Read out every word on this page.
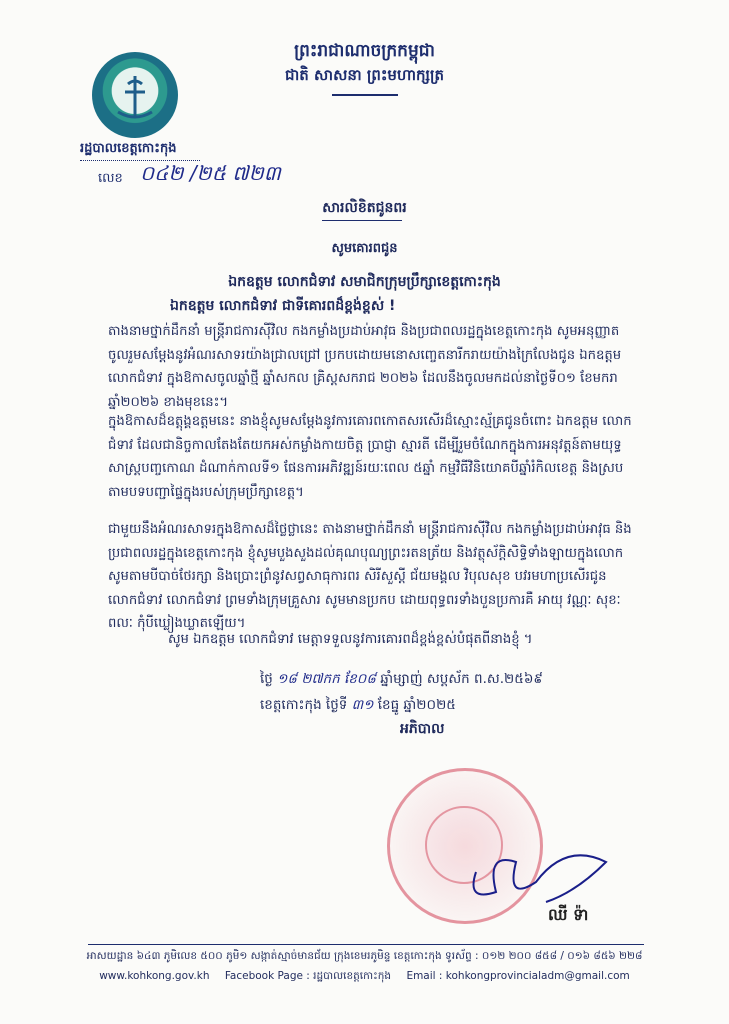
ព្រះរាជាណាចក្រកម្ពុជា
ជាតិ សាសនា ព្រះមហាក្សត្រ
រដ្ឋបាលខេត្តកោះកុង
លេខ ០៤២ /២៥ ៧២៣
សារលិខិតជូនពរ
សូមគោរពជូន
ឯកឧត្តម លោកជំទាវ សមាជិកក្រុមប្រឹក្សាខេត្តកោះកុង
ឯកឧត្តម លោកជំទាវ ជាទីគោរពដ៏ខ្ពង់ខ្ពស់ !
តាងនាមថ្នាក់ដឹកនាំ មន្ត្រីរាជការស៊ីវិល កងកម្លាំងប្រដាប់អាវុធ និងប្រជាពលរដ្ឋក្នុងខេត្តកោះកុង សូមអនុញ្ញាតចូលរួមសម្តែងនូវអំណរសាទរយ៉ាងជ្រាលជ្រៅ ប្រកបដោយមនោសញ្ចេតនារីករាយយ៉ាងក្រៃលែងជូន ឯកឧត្តម លោកជំទាវ ក្នុងឱកាសចូលឆ្នាំថ្មី ឆ្នាំសកល គ្រិស្តសករាជ ២០២៦ ដែលនឹងចូលមកដល់នាថ្ងៃទី០១ ខែមករា ឆ្នាំ២០២៦ ខាងមុខនេះ។
ក្នុងឱកាសដ៏ឧត្តុង្គឧត្តមនេះ នាងខ្ញុំសូមសម្តែងនូវការគោរពកោតសរសើរដ៏ស្មោះស្ម័គ្រជូនចំពោះ ឯកឧត្តម លោកជំទាវ ដែលជានិច្ចកាលតែងតែយកអស់កម្លាំងកាយចិត្ត ប្រាជ្ញា ស្មារតី ដើម្បីរួមចំណែកក្នុងការអនុវត្តន៍តាមយុទ្ធសាស្ត្របញ្ចកោណ ដំណាក់កាលទី១ ផែនការអភិវឌ្ឍន៍រយៈពេល ៥ឆ្នាំ កម្មវិធីវិនិយោគបីឆ្នាំរំកិលខេត្ត និងស្របតាមបទបញ្ជាផ្ទៃក្នុងរបស់ក្រុមប្រឹក្សាខេត្ត។
ជាមួយនឹងអំណរសាទរក្នុងឱកាសដ៏ថ្លៃថ្លានេះ តាងនាមថ្នាក់ដឹកនាំ មន្ត្រីរាជការស៊ីវិល កងកម្លាំងប្រដាប់អាវុធ និងប្រជាពលរដ្ឋក្នុងខេត្តកោះកុង ខ្ញុំសូមបួងសួងដល់គុណបុណ្យព្រះរតនត្រ័យ និងវត្ថុស័ក្តិសិទ្ធិទាំងឡាយក្នុងលោក សូមតាមបីបាច់ថែរក្សា និងប្រោះព្រំនូវសព្វសាធុការពរ សិរីសួស្តី ជ័យមង្គល វិបុលសុខ បវរមហាប្រសើរជូន លោកជំទាវ លោកជំទាវ ព្រមទាំងក្រុមគ្រួសារ សូមមានប្រកប ដោយពុទ្ធពរទាំងបួនប្រការគឺ អាយុ វណ្ណៈ សុខៈ ពលៈ កុំបីឃ្លៀងឃ្លាតឡើយ។
សូម ឯកឧត្តម លោកជំទាវ មេត្តាទទួលនូវការគោរពដ៏ខ្ពង់ខ្ពស់បំផុតពីនាងខ្ញុំ ។
ថ្ងៃ ១៨ ២៧កក ខែ០៨ ឆ្នាំម្សាញ់ សប្តស័ក ព.ស.២៥៦៩
ខេត្តកោះកុង ថ្ងៃទី ៣១ ខែធ្នូ ឆ្នាំ២០២៥
អភិបាល
ឈី ទ៉ា
អាសយដ្ឋាន ៦៤៣ ភូមិលេខ ៥០០ ភូមិ១ សង្កាត់ស្មាច់មានជ័យ ក្រុងខេមរភូមិន្ទ ខេត្តកោះកុង ទូរស័ព្ទ : ០១២ ២០០ ៨៥៨ / ០១៦ ៨៥៦ ២២៨
www.kohkong.gov.kh Facebook Page : រដ្ឋបាលខេត្តកោះកុង Email : kohkongprovincialadm@gmail.com
